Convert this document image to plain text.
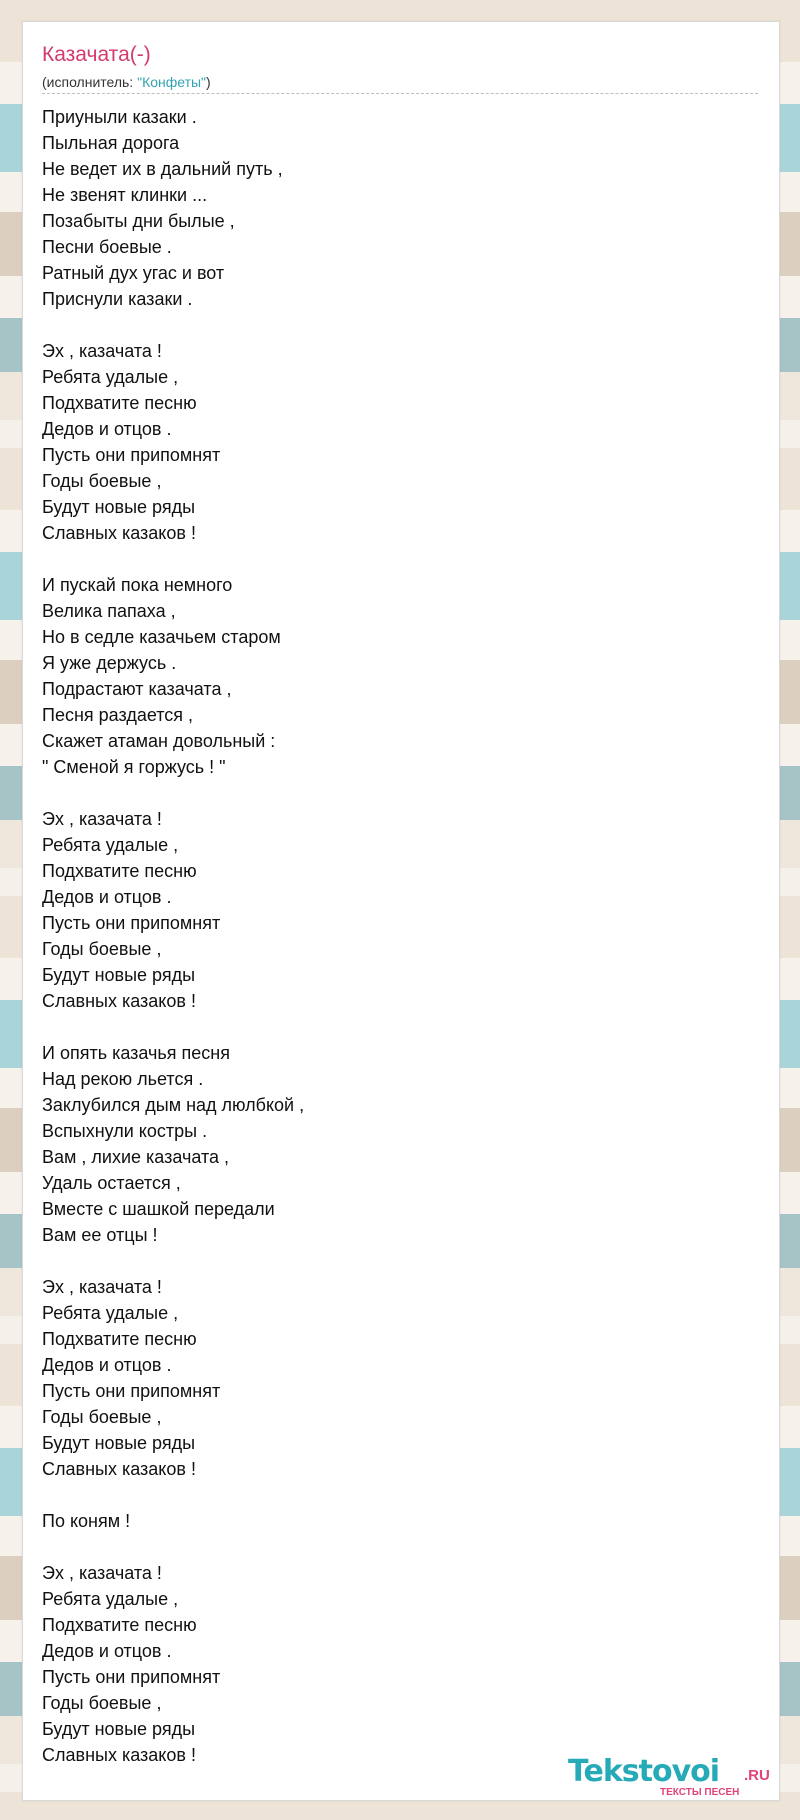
Казачата(-)
(исполнитель: "Конфеты")
Приуныли казаки .
Пыльная дорога
Не ведет их в дальний путь ,
Не звенят клинки ...
Позабыты дни былые ,
Песни боевые .
Ратный дух угас и вот
Приснули казаки .
Эх , казачата !
Ребята удалые ,
Подхватите песню
Дедов и отцов .
Пусть они припомнят
Годы боевые ,
Будут новые ряды
Славных казаков !
И пускай пока немного
Велика папаха ,
Но в седле казачьем старом
Я уже держусь .
Подрастают казачата ,
Песня раздается ,
Скажет атаман довольный :
" Сменой я горжусь ! "
Эх , казачата !
Ребята удалые ,
Подхватите песню
Дедов и отцов .
Пусть они припомнят
Годы боевые ,
Будут новые ряды
Славных казаков !
И опять казачья песня
Над рекою льется .
Заклубился дым над люлбкой ,
Вспыхнули костры .
Вам , лихие казачата ,
Удаль остается ,
Вместе с шашкой передали
Вам ее отцы !
Эх , казачата !
Ребята удалые ,
Подхватите песню
Дедов и отцов .
Пусть они припомнят
Годы боевые ,
Будут новые ряды
Славных казаков !
По коням !
Эх , казачата !
Ребята удалые ,
Подхватите песню
Дедов и отцов .
Пусть они припомнят
Годы боевые ,
Будут новые ряды
Славных казаков !	Tekstovoi .RU
ТЕКСТЫ ПЕСЕН
